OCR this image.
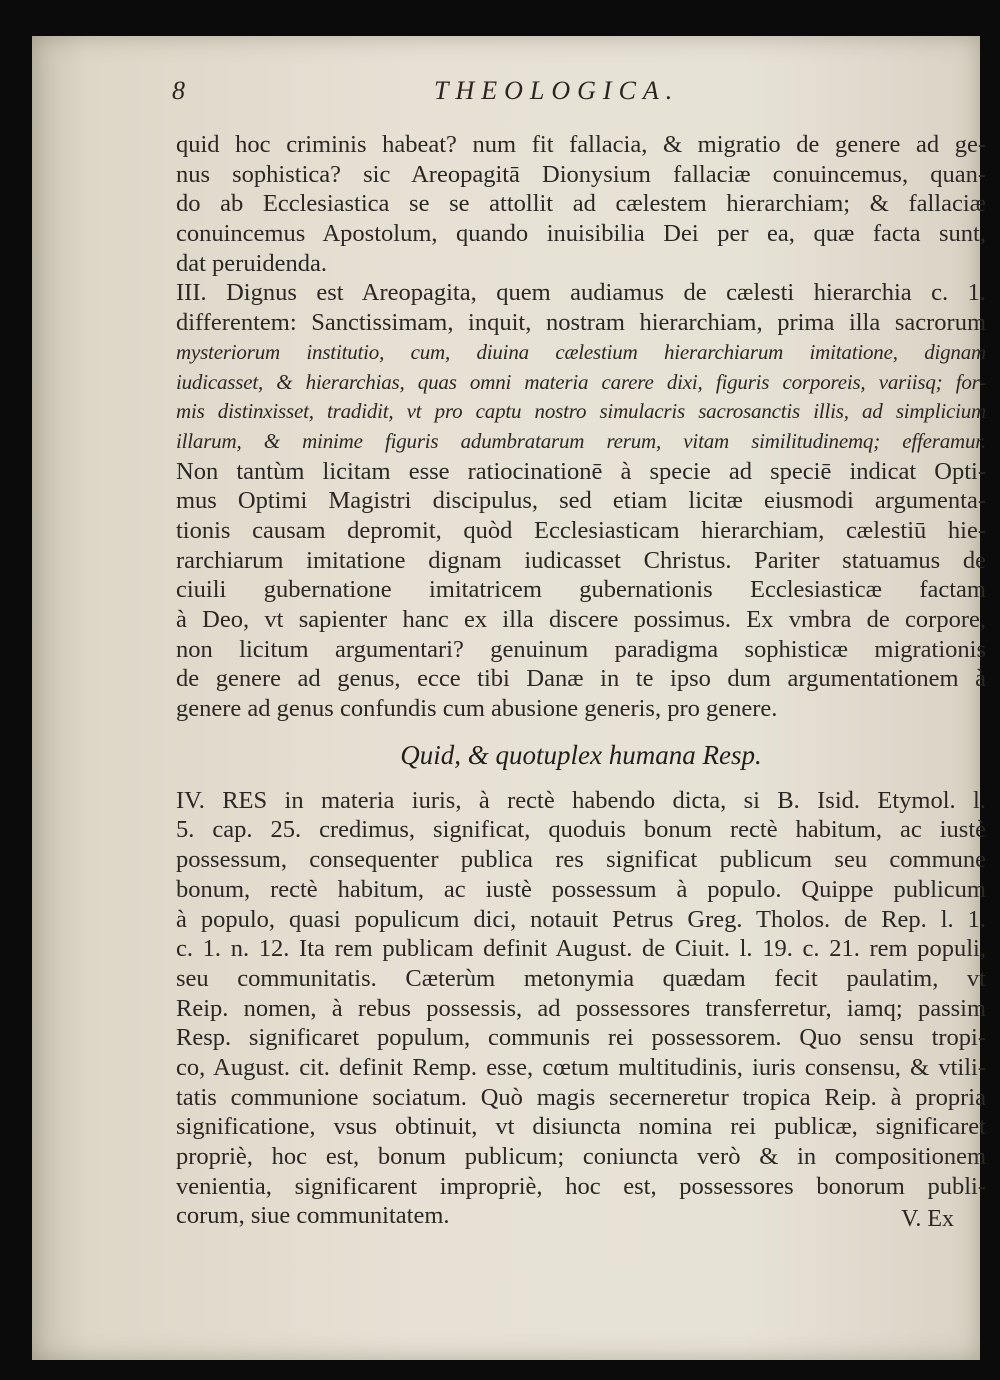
8	THEOLOGICA.
quid hoc criminis habeat? num fit fallacia, & migratio de genere ad ge-
nus sophistica? sic Areopagitā Dionysium fallaciæ conuincemus, quan-
do ab Ecclesiastica se se attollit ad cælestem hierarchiam; & fallaciæ
conuincemus Apostolum, quando inuisibilia Dei per ea, quæ facta sunt,
dat peruidenda.
III. Dignus est Areopagita, quem audiamus de cælesti hierarchia c. 1.
differentem: Sanctissimam, inquit, nostram hierarchiam, prima illa sacrorum
mysteriorum institutio, cum, diuina cælestium hierarchiarum imitatione, dignam
iudicasset, & hierarchias, quas omni materia carere dixi, figuris corporeis, variisq; for-
mis distinxisset, tradidit, vt pro captu nostro simulacris sacrosanctis illis, ad simplicium
illarum, & minime figuris adumbratarum rerum, vitam similitudinemq; efferamur.
Non tantùm licitam esse ratiocinationē à specie ad speciē indicat Opti-
mus Optimi Magistri discipulus, sed etiam licitæ eiusmodi argumenta-
tionis causam depromit, quòd Ecclesiasticam hierarchiam, cælestiū hie-
rarchiarum imitatione dignam iudicasset Christus. Pariter statuamus de
ciuili gubernatione imitatricem gubernationis Ecclesiasticæ factam
à Deo, vt sapienter hanc ex illa discere possimus. Ex vmbra de corpore,
non licitum argumentari? genuinum paradigma sophisticæ migrationis
de genere ad genus, ecce tibi Danæ in te ipso dum argumentationem à
genere ad genus confundis cum abusione generis, pro genere.
Quid, & quotuplex humana Resp.
IV. RES in materia iuris, à rectè habendo dicta, si B. Isid. Etymol. l.
5. cap. 25. credimus, significat, quoduis bonum rectè habitum, ac iustè
possessum, consequenter publica res significat publicum seu commune
bonum, rectè habitum, ac iustè possessum à populo. Quippe publicum
à populo, quasi populicum dici, notauit Petrus Greg. Tholos. de Rep. l. 1.
c. 1. n. 12. Ita rem publicam definit August. de Ciuit. l. 19. c. 21. rem populi,
seu communitatis. Cæterùm metonymia quædam fecit paulatim, vt
Reip. nomen, à rebus possessis, ad possessores transferretur, iamq; passim
Resp. significaret populum, communis rei possessorem. Quo sensu tropi-
co, August. cit. definit Remp. esse, cœtum multitudinis, iuris consensu, & vtili-
tatis communione sociatum. Quò magis secerneretur tropica Reip. à propria
significatione, vsus obtinuit, vt disiuncta nomina rei publicæ, significaret
propriè, hoc est, bonum publicum; coniuncta verò & in compositionem
venientia, significarent impropriè, hoc est, possessores bonorum publi-
corum, siue communitatem.	V. Ex
